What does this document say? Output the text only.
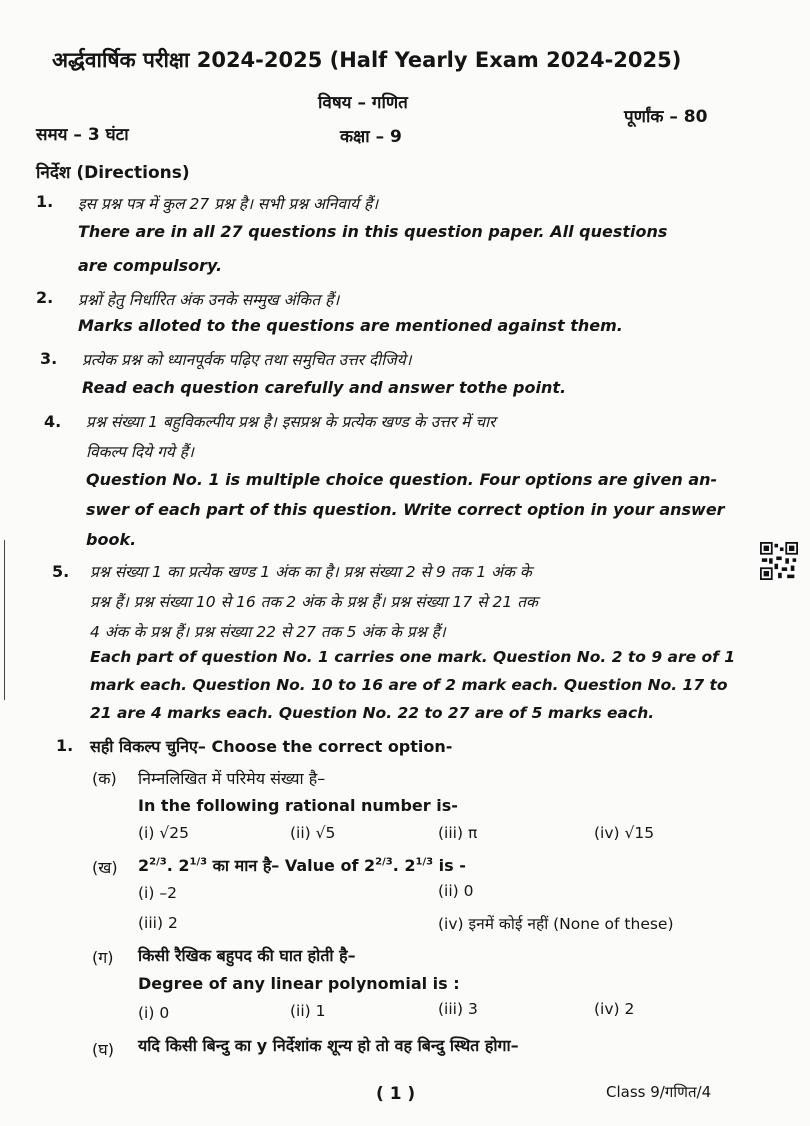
अर्द्धवार्षिक परीक्षा 2024-2025 (Half Yearly Exam 2024-2025)
विषय – गणित
समय – 3 घंटा	कक्षा – 9
पूर्णांक – 80
निर्देश (Directions)
1. इस प्रश्न पत्र में कुल 27 प्रश्न है। सभी प्रश्न अनिवार्य हैं।
There are in all 27 questions in this question paper. All questions
are compulsory.
2. प्रश्नों हेतु निर्धारित अंक उनके सम्मुख अंकित हैं।
Marks alloted to the questions are mentioned against them.
3. प्रत्येक प्रश्न को ध्यानपूर्वक पढ़िए तथा समुचित उत्तर दीजिये।
Read each question carefully and answer tothe point.
4. प्रश्न संख्या 1 बहुविकल्पीय प्रश्न है। इसप्रश्न के प्रत्येक खण्ड के उत्तर में चार
विकल्प दिये गये हैं।
Question No. 1 is multiple choice question. Four options are given an-
swer of each part of this question. Write correct option in your answer
book.
5. प्रश्न संख्या 1 का प्रत्येक खण्ड 1 अंक का है। प्रश्न संख्या 2 से 9 तक 1 अंक के
प्रश्न हैं। प्रश्न संख्या 10 से 16 तक 2 अंक के प्रश्न हैं। प्रश्न संख्या 17 से 21 तक
4 अंक के प्रश्न हैं। प्रश्न संख्या 22 से 27 तक 5 अंक के प्रश्न हैं।
Each part of question No. 1 carries one mark. Question No. 2 to 9 are of 1
mark each. Question No. 10 to 16 are of 2 mark each. Question No. 17 to
21 are 4 marks each. Question No. 22 to 27 are of 5 marks each.
1. सही विकल्प चुनिए– Choose the correct option-
(क) निम्नलिखित में परिमेय संख्या है–
In the following rational number is-
(i) √25	(ii) √5	(iii) π	(iv) √15
(ख) $2^{2/3}$. $2^{1/3}$ का मान है– Value of $2^{2/3}$. $2^{1/3}$ is -
(i) –2	(ii) 0
(iii) 2	(iv) इनमें कोई नहीं (None of these)
(ग) किसी रैखिक बहुपद की घात होती है–
Degree of any linear polynomial is :
(i) 0	(ii) 1	(iii) 3	(iv) 2
(घ) यदि किसी बिन्दु का y निर्देशांक शून्य हो तो वह बिन्दु स्थित होगा–
( 1 )	Class 9/गणित/4
